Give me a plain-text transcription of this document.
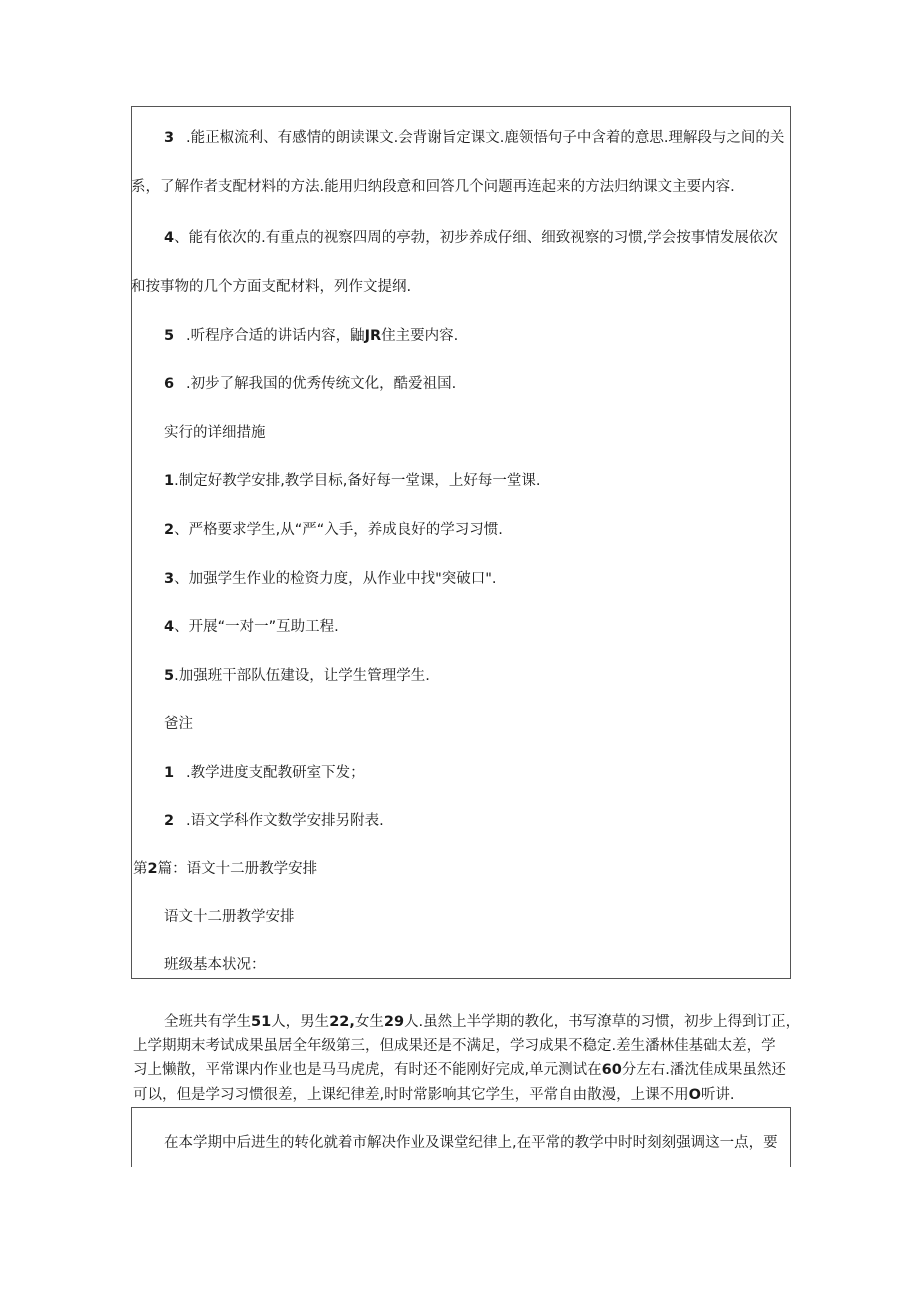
3 .能正椒流利、有感情的朗读课文.会背谢旨定课文.鹿领悟句子中含着的意思.理解段与之间的关
系，了解作者支配材料的方法.能用归纳段意和回答几个问题再连起来的方法归纳课文主要内容.
4、能有依次的.有重点的视察四周的亭勃，初步养成仔细、细致视察的习惯,学会按事情发展依次
和按事物的几个方面支配材料，列作文提纲.
5 .听程序合适的讲话内容，鼬JR住主要内容.
6 .初步了解我国的优秀传统文化，酷爱祖国.
实行的详细措施
1.制定好教学安排,教学目标,备好每一堂课，上好每一堂课.
2、严格要求学生,从“严“入手，养成良好的学习习惯.
3、加强学生作业的检资力度，从作业中找"突破口".
4、开展“一对一”互助工程.
5.加强班干部队伍建设，让学生管理学生.
爸注
1 .教学进度支配教研室下发；
2 .语文学科作文数学安排另附表.
第2篇：语文十二册教学安排
语文十二册教学安排
班级基本状况：
全班共有学生51人，男生22,女生29人.虽然上半学期的教化，书写潦草的习惯，初步上得到订正，
上学期期末考试成果虽居全年级第三，但成果还是不满足，学习成果不稳定.差生潘林佳基础太差，学
习上懒散，平常课内作业也是马马虎虎，有时还不能刚好完成,单元测试在60分左右.潘沈佳成果虽然还
可以，但是学习习惯很差，上课纪律差,时时常影响其它学生，平常自由散漫，上课不用O听讲.
在本学期中后进生的转化就着市解决作业及课堂纪律上,在平常的教学中时时刻刻强调这一点，要
